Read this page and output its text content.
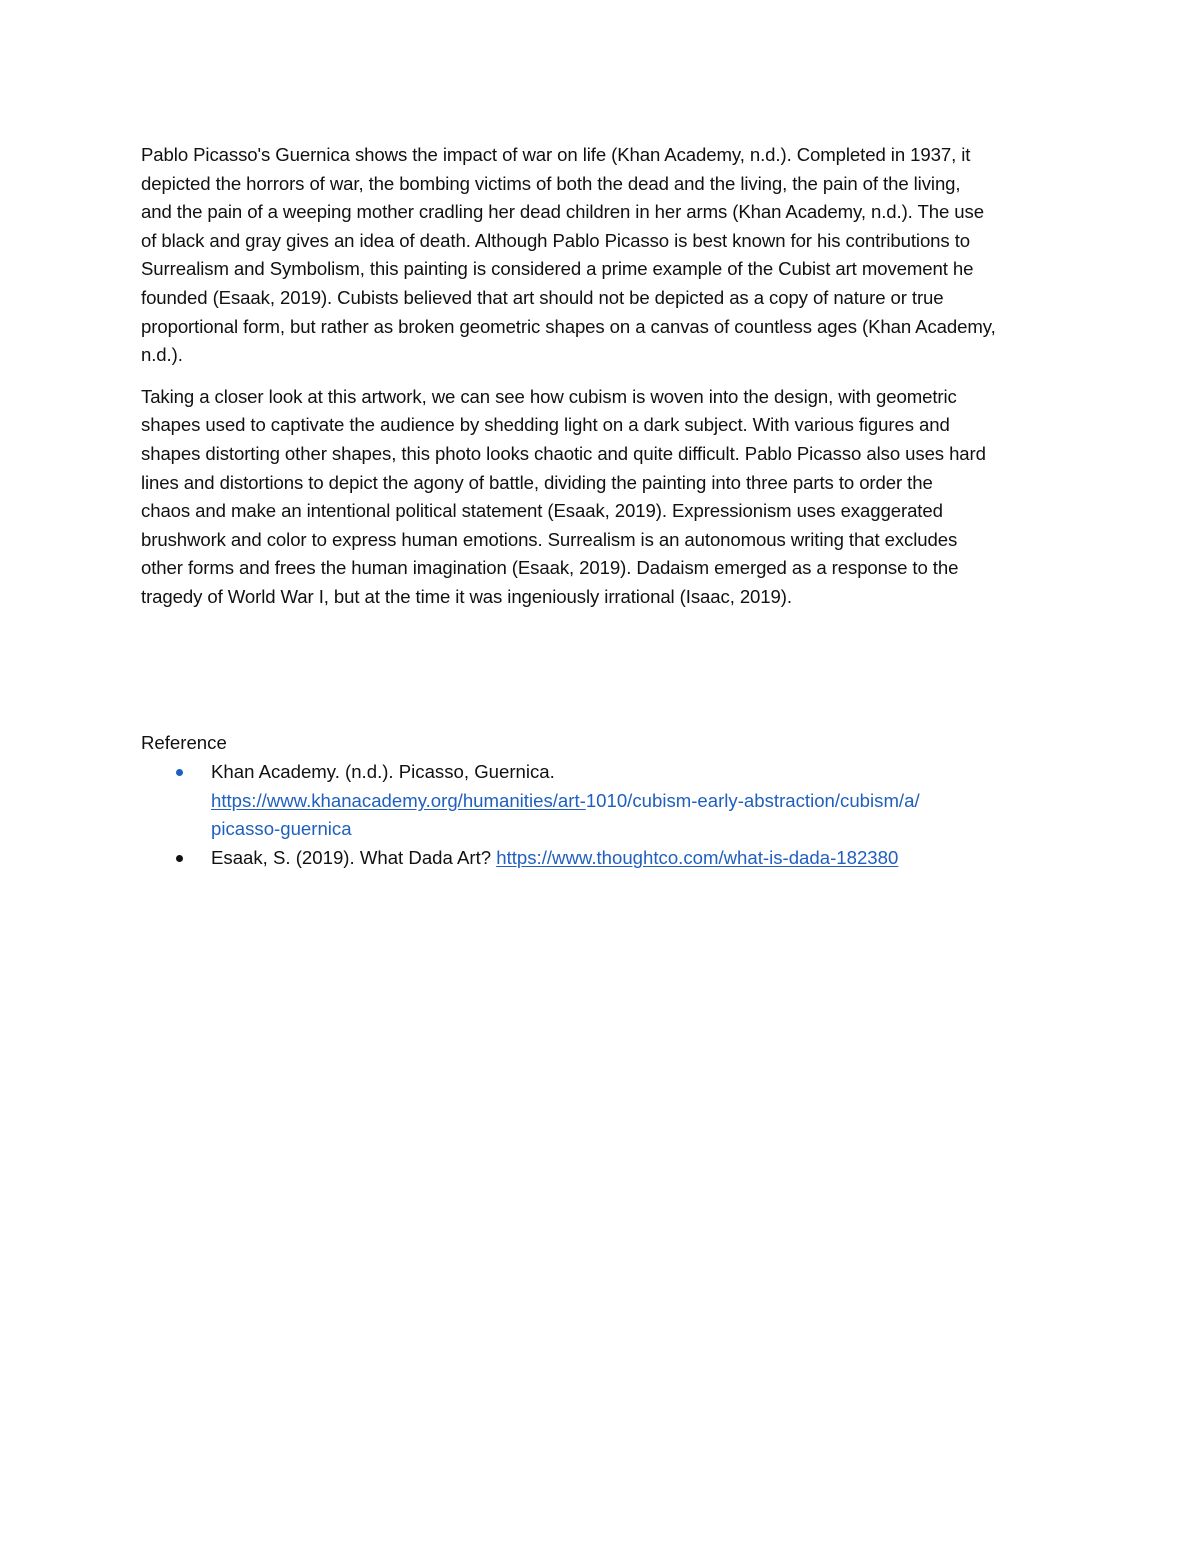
Pablo Picasso's Guernica shows the impact of war on life (Khan Academy, n.d.). Completed in 1937, it
depicted the horrors of war, the bombing victims of both the dead and the living, the pain of the living,
and the pain of a weeping mother cradling her dead children in her arms (Khan Academy, n.d.). The use
of black and gray gives an idea of death. Although Pablo Picasso is best known for his contributions to
Surrealism and Symbolism, this painting is considered a prime example of the Cubist art movement he
founded (Esaak, 2019). Cubists believed that art should not be depicted as a copy of nature or true
proportional form, but rather as broken geometric shapes on a canvas of countless ages (Khan Academy,
n.d.).

Taking a closer look at this artwork, we can see how cubism is woven into the design, with geometric
shapes used to captivate the audience by shedding light on a dark subject. With various figures and
shapes distorting other shapes, this photo looks chaotic and quite difficult. Pablo Picasso also uses hard
lines and distortions to depict the agony of battle, dividing the painting into three parts to order the
chaos and make an intentional political statement (Esaak, 2019). Expressionism uses exaggerated
brushwork and color to express human emotions. Surrealism is an autonomous writing that excludes
other forms and frees the human imagination (Esaak, 2019). Dadaism emerged as a response to the
tragedy of World War I, but at the time it was ingeniously irrational (Isaac, 2019).

Reference

Khan Academy. (n.d.). Picasso, Guernica.
https://www.khanacademy.org/humanities/art-1010/cubism-early-abstraction/cubism/a/
picasso-guernica
Esaak, S. (2019). What Dada Art? https://www.thoughtco.com/what-is-dada-182380
